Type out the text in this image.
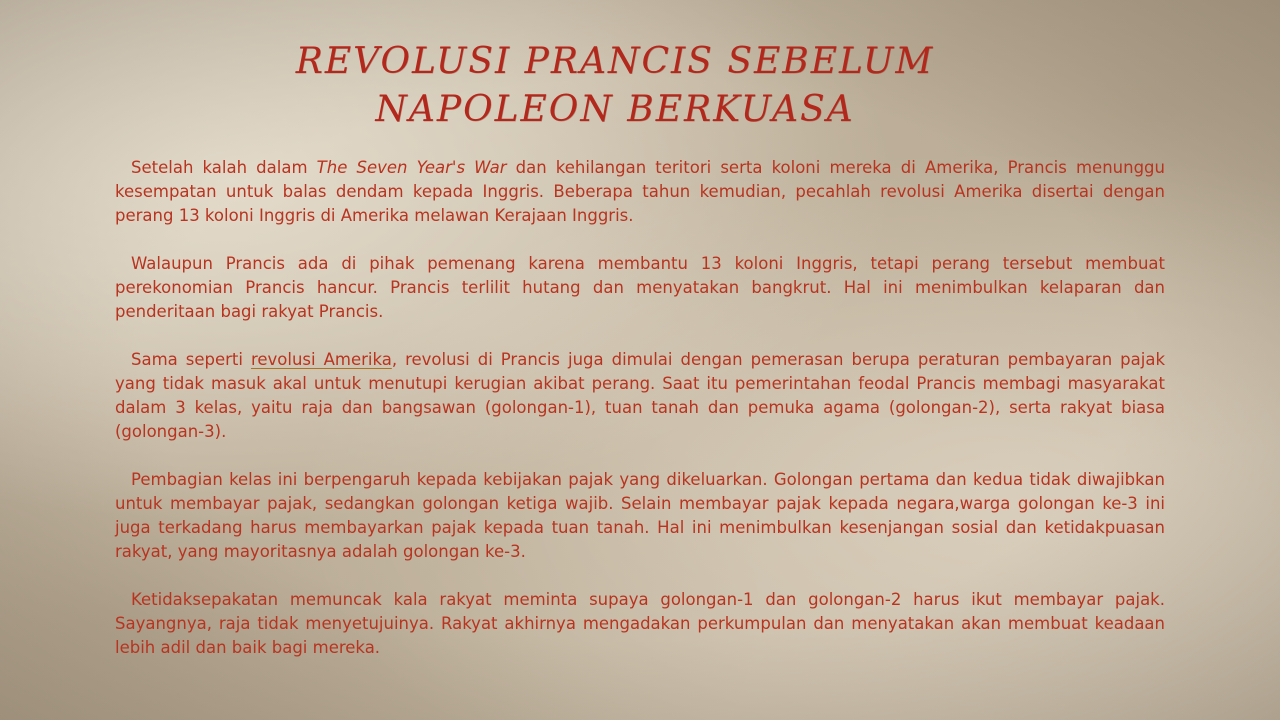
REVOLUSI PRANCIS SEBELUM
NAPOLEON BERKUASA

Setelah kalah dalam The Seven Year's War dan kehilangan teritori serta koloni mereka di Amerika, Prancis menunggu kesempatan untuk balas dendam kepada Inggris. Beberapa tahun kemudian, pecahlah revolusi Amerika disertai dengan perang 13 koloni Inggris di Amerika melawan Kerajaan Inggris.

Walaupun Prancis ada di pihak pemenang karena membantu 13 koloni Inggris, tetapi perang tersebut membuat perekonomian Prancis hancur. Prancis terlilit hutang dan menyatakan bangkrut. Hal ini menimbulkan kelaparan dan penderitaan bagi rakyat Prancis.

Sama seperti revolusi Amerika, revolusi di Prancis juga dimulai dengan pemerasan berupa peraturan pembayaran pajak yang tidak masuk akal untuk menutupi kerugian akibat perang. Saat itu pemerintahan feodal Prancis membagi masyarakat dalam 3 kelas, yaitu raja dan bangsawan (golongan-1), tuan tanah dan pemuka agama (golongan-2), serta rakyat biasa (golongan-3).

Pembagian kelas ini berpengaruh kepada kebijakan pajak yang dikeluarkan. Golongan pertama dan kedua tidak diwajibkan untuk membayar pajak, sedangkan golongan ketiga wajib. Selain membayar pajak kepada negara,warga golongan ke-3 ini juga terkadang harus membayarkan pajak kepada tuan tanah. Hal ini menimbulkan kesenjangan sosial dan ketidakpuasan rakyat, yang mayoritasnya adalah golongan ke-3.

Ketidaksepakatan memuncak kala rakyat meminta supaya golongan-1 dan golongan-2 harus ikut membayar pajak. Sayangnya, raja tidak menyetujuinya. Rakyat akhirnya mengadakan perkumpulan dan menyatakan akan membuat keadaan lebih adil dan baik bagi mereka.
